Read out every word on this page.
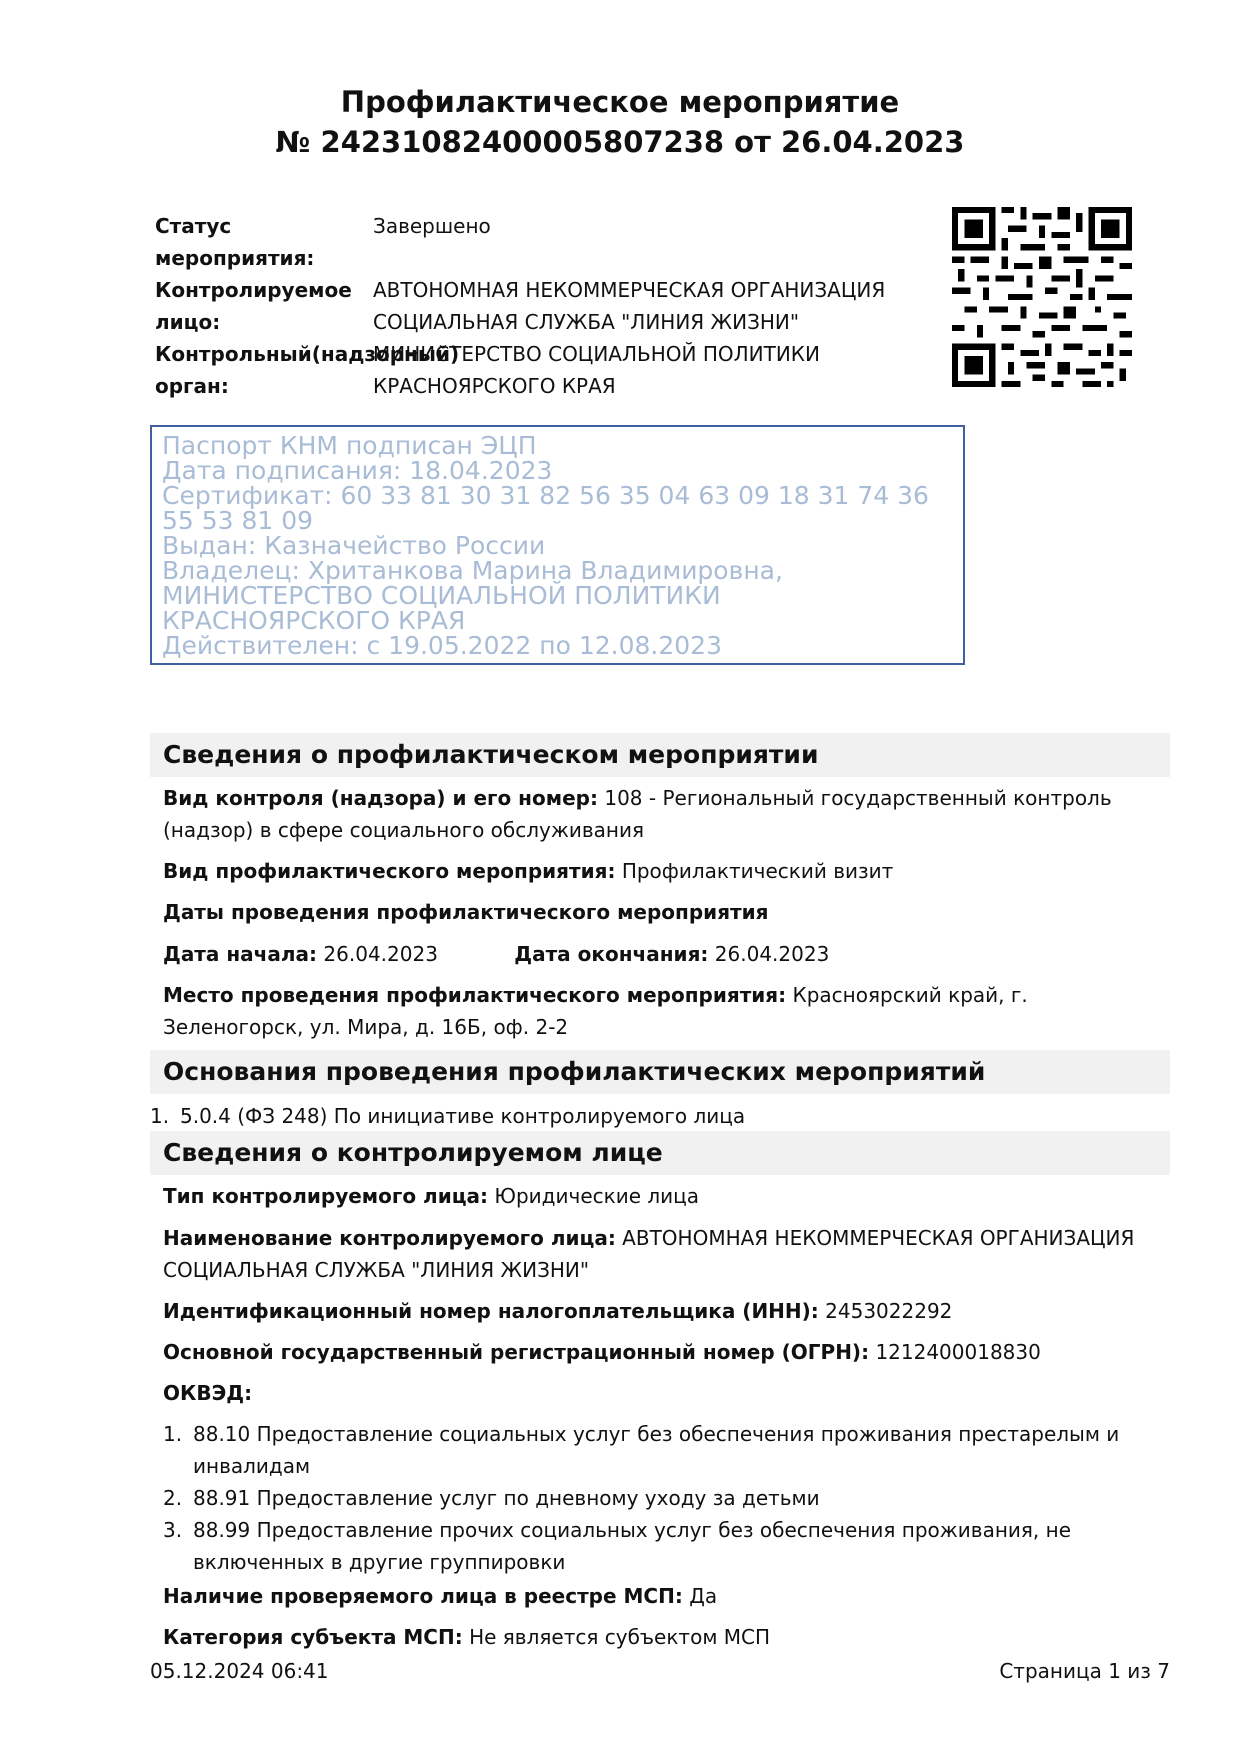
Профилактическое мероприятие
№ 24231082400005807238 от 26.04.2023
Статус мероприятия:
Завершено
Контролируемое лицо:
АВТОНОМНАЯ НЕКОММЕРЧЕСКАЯ ОРГАНИЗАЦИЯ СОЦИАЛЬНАЯ СЛУЖБА "ЛИНИЯ ЖИЗНИ"
Контрольный(надзорный) орган:
МИНИСТЕРСТВО СОЦИАЛЬНОЙ ПОЛИТИКИ КРАСНОЯРСКОГО КРАЯ
Паспорт КНМ подписан ЭЦП
Дата подписания: 18.04.2023
Сертификат: 60 33 81 30 31 82 56 35 04 63 09 18 31 74 36 55 53 81 09
Выдан: Казначейство России
Владелец: Хританкова Марина Владимировна, МИНИСТЕРСТВО СОЦИАЛЬНОЙ ПОЛИТИКИ КРАСНОЯРСКОГО КРАЯ
Действителен: с 19.05.2022 по 12.08.2023
Сведения о профилактическом мероприятии
Вид контроля (надзора) и его номер: 108 - Региональный государственный контроль (надзор) в сфере социального обслуживания
Вид профилактического мероприятия: Профилактический визит
Даты проведения профилактического мероприятия
Дата начала: 26.04.2023	Дата окончания: 26.04.2023
Место проведения профилактического мероприятия: Красноярский край, г. Зеленогорск, ул. Мира, д. 16Б, оф. 2-2
Основания проведения профилактических мероприятий
1. 5.0.4 (ФЗ 248) По инициативе контролируемого лица
Сведения о контролируемом лице
Тип контролируемого лица: Юридические лица
Наименование контролируемого лица: АВТОНОМНАЯ НЕКОММЕРЧЕСКАЯ ОРГАНИЗАЦИЯ СОЦИАЛЬНАЯ СЛУЖБА "ЛИНИЯ ЖИЗНИ"
Идентификационный номер налогоплательщика (ИНН): 2453022292
Основной государственный регистрационный номер (ОГРН): 1212400018830
ОКВЭД:
1. 88.10 Предоставление социальных услуг без обеспечения проживания престарелым и инвалидам
2. 88.91 Предоставление услуг по дневному уходу за детьми
3. 88.99 Предоставление прочих социальных услуг без обеспечения проживания, не включенных в другие группировки
Наличие проверяемого лица в реестре МСП: Да
Категория субъекта МСП: Не является субъектом МСП
05.12.2024 06:41	Страница 1 из 7
